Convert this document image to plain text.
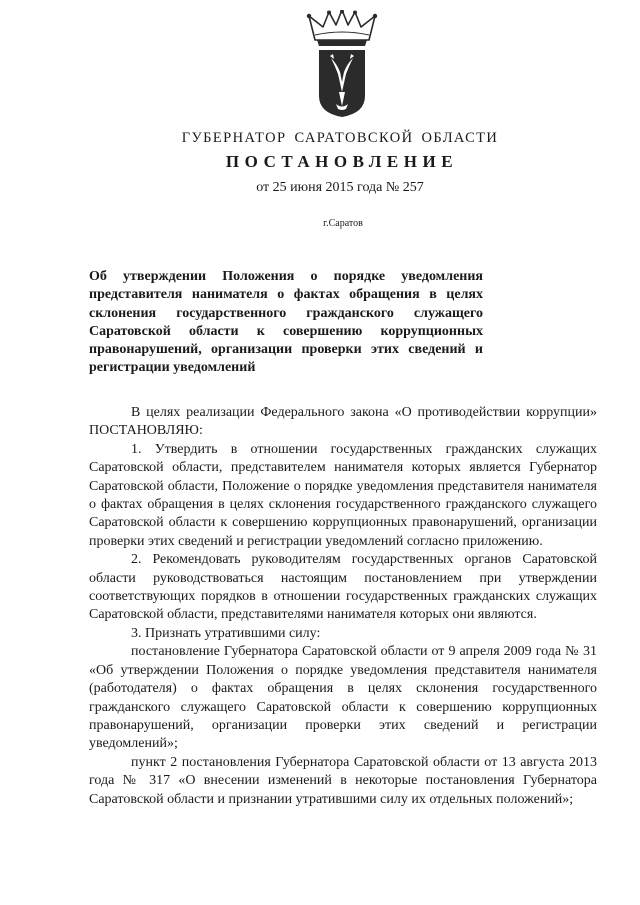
ГУБЕРНАТОР САРАТОВСКОЙ ОБЛАСТИ
ПОСТАНОВЛЕНИЕ
от 25 июня 2015 года № 257
г.Саратов
Об утверждении Положения о порядке уведомления представителя нанимателя о фактах обращения в целях склонения государственного гражданского служащего Саратовской области к совершению коррупционных правонарушений, организации проверки этих сведений и регистрации уведомлений

В целях реализации Федерального закона «О противодействии коррупции» ПОСТАНОВЛЯЮ:

1. Утвердить в отношении государственных гражданских служащих Саратовской области, представителем нанимателя которых является Губернатор Саратовской области, Положение о порядке уведомления представителя нанимателя о фактах обращения в целях склонения государственного гражданского служащего Саратовской области к совершению коррупционных правонарушений, организации проверки этих сведений и регистрации уведомлений согласно приложению.

2. Рекомендовать руководителям государственных органов Саратовской области руководствоваться настоящим постановлением при утверждении соответствующих порядков в отношении государственных гражданских служащих Саратовской области, представителями нанимателя которых они являются.

3. Признать утратившими силу:

постановление Губернатора Саратовской области от 9 апреля 2009 года № 31 «Об утверждении Положения о порядке уведомления представителя нанимателя (работодателя) о фактах обращения в целях склонения государственного гражданского служащего Саратовской области к совершению коррупционных правонарушений, организации проверки этих сведений и регистрации уведомлений»;

пункт 2 постановления Губернатора Саратовской области от 13 августа 2013 года № 317 «О внесении изменений в некоторые постановления Губернатора Саратовской области и признании утратившими силу их отдельных положений»;
